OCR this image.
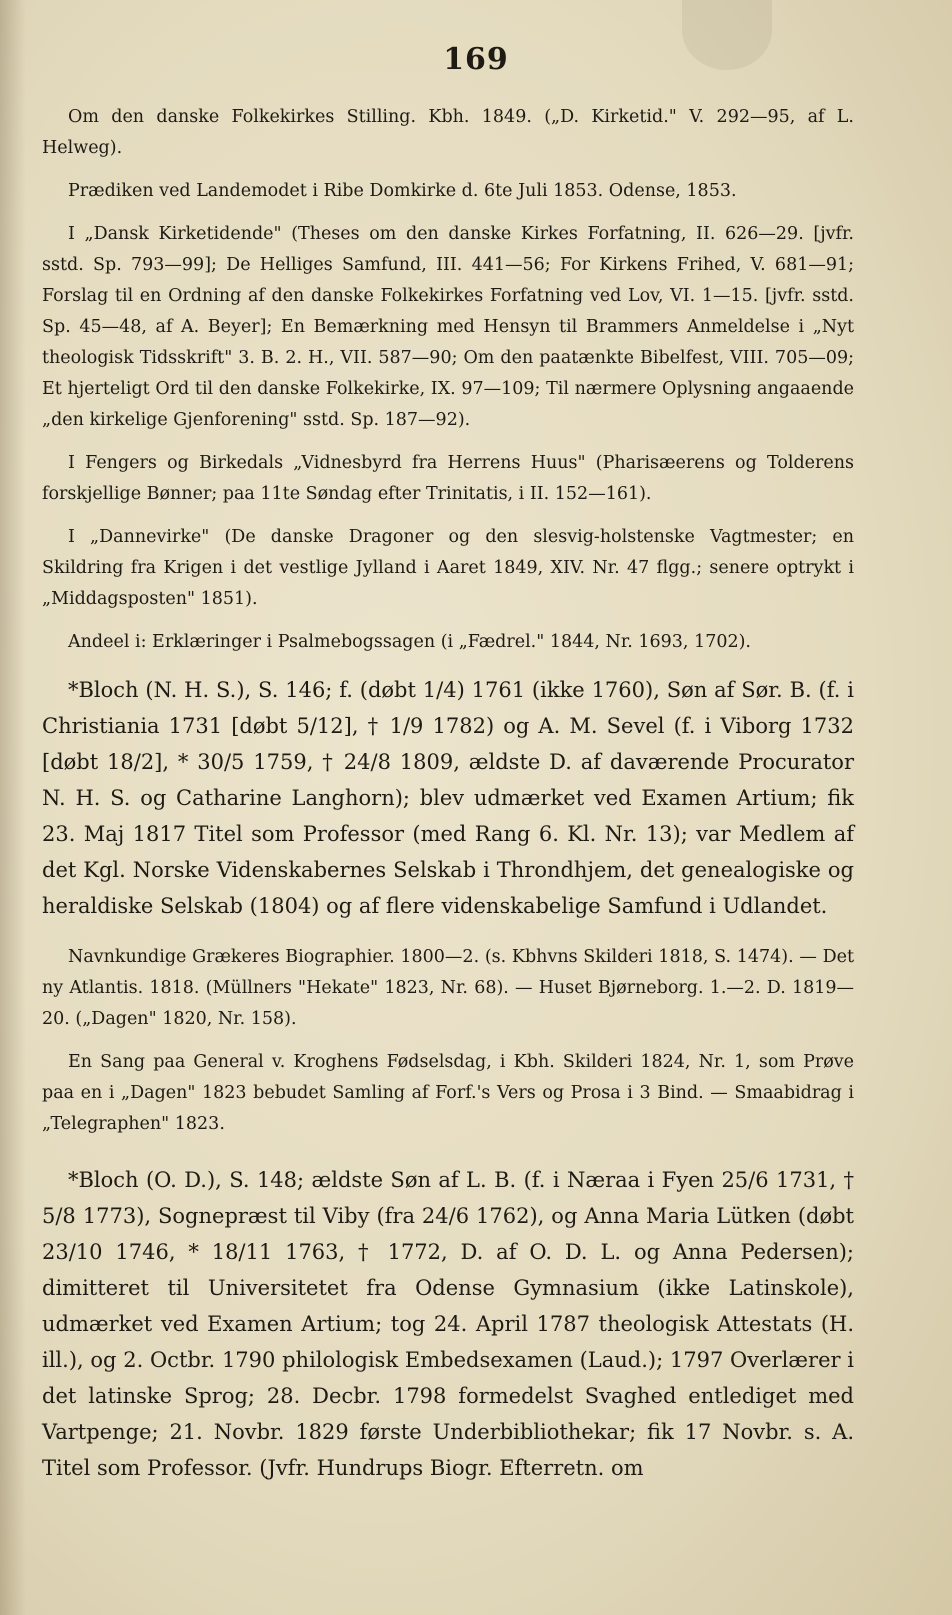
169

Om den danske Folkekirkes Stilling. Kbh. 1849. („D. Kirketid." V. 292—95, af L. Helweg).

Prædiken ved Landemodet i Ribe Domkirke d. 6te Juli 1853. Odense, 1853.

I „Dansk Kirketidende" (Theses om den danske Kirkes Forfatning, II. 626—29. [jvfr. sstd. Sp. 793—99]; De Helliges Samfund, III. 441—56; For Kirkens Frihed, V. 681—91; Forslag til en Ordning af den danske Folkekirkes Forfatning ved Lov, VI. 1—15. [jvfr. sstd. Sp. 45—48, af A. Beyer]; En Bemærkning med Hensyn til Brammers Anmeldelse i „Nyt theologisk Tidsskrift" 3. B. 2. H., VII. 587—90; Om den paatænkte Bibelfest, VIII. 705—09; Et hjerteligt Ord til den danske Folkekirke, IX. 97—109; Til nærmere Oplysning angaaende „den kirkelige Gjenforening" sstd. Sp. 187—92).

I Fengers og Birkedals „Vidnesbyrd fra Herrens Huus" (Pharisæerens og Tolderens forskjellige Bønner; paa 11te Søndag efter Trinitatis, i II. 152—161).

I „Dannevirke" (De danske Dragoner og den slesvig-holstenske Vagtmester; en Skildring fra Krigen i det vestlige Jylland i Aaret 1849, XIV. Nr. 47 flgg.; senere optrykt i „Middagsposten" 1851).

Andeel i: Erklæringer i Psalmebogssagen (i „Fædrel." 1844, Nr. 1693, 1702).

*Bloch (N. H. S.), S. 146; f. (døbt 1/4) 1761 (ikke 1760), Søn af Sør. B. (f. i Christiania 1731 [døbt 5/12], † 1/9 1782) og A. M. Sevel (f. i Viborg 1732 [døbt 18/2], * 30/5 1759, † 24/8 1809, ældste D. af daværende Procurator N. H. S. og Catharine Langhorn); blev udmærket ved Examen Artium; fik 23. Maj 1817 Titel som Professor (med Rang 6. Kl. Nr. 13); var Medlem af det Kgl. Norske Videnskabernes Selskab i Throndhjem, det genealogiske og heraldiske Selskab (1804) og af flere videnskabelige Samfund i Udlandet.

Navnkundige Grækeres Biographier. 1800—2. (s. Kbhvns Skilderi 1818, S. 1474). — Det ny Atlantis. 1818. (Müllners "Hekate" 1823, Nr. 68). — Huset Bjørneborg. 1.—2. D. 1819—20. („Dagen" 1820, Nr. 158).

En Sang paa General v. Kroghens Fødselsdag, i Kbh. Skilderi 1824, Nr. 1, som Prøve paa en i „Dagen" 1823 bebudet Samling af Forf.'s Vers og Prosa i 3 Bind. — Smaabidrag i „Telegraphen" 1823.

*Bloch (O. D.), S. 148; ældste Søn af L. B. (f. i Næraa i Fyen 25/6 1731, † 5/8 1773), Sognepræst til Viby (fra 24/6 1762), og Anna Maria Lütken (døbt 23/10 1746, * 18/11 1763, † 1772, D. af O. D. L. og Anna Pedersen); dimitteret til Universitetet fra Odense Gymnasium (ikke Latinskole), udmærket ved Examen Artium; tog 24. April 1787 theologisk Attestats (H. ill.), og 2. Octbr. 1790 philologisk Embedsexamen (Laud.); 1797 Overlærer i det latinske Sprog; 28. Decbr. 1798 formedelst Svaghed entlediget med Vartpenge; 21. Novbr. 1829 første Underbibliothekar; fik 17 Novbr. s. A. Titel som Professor. (Jvfr. Hundrups Biogr. Efterretn. om
